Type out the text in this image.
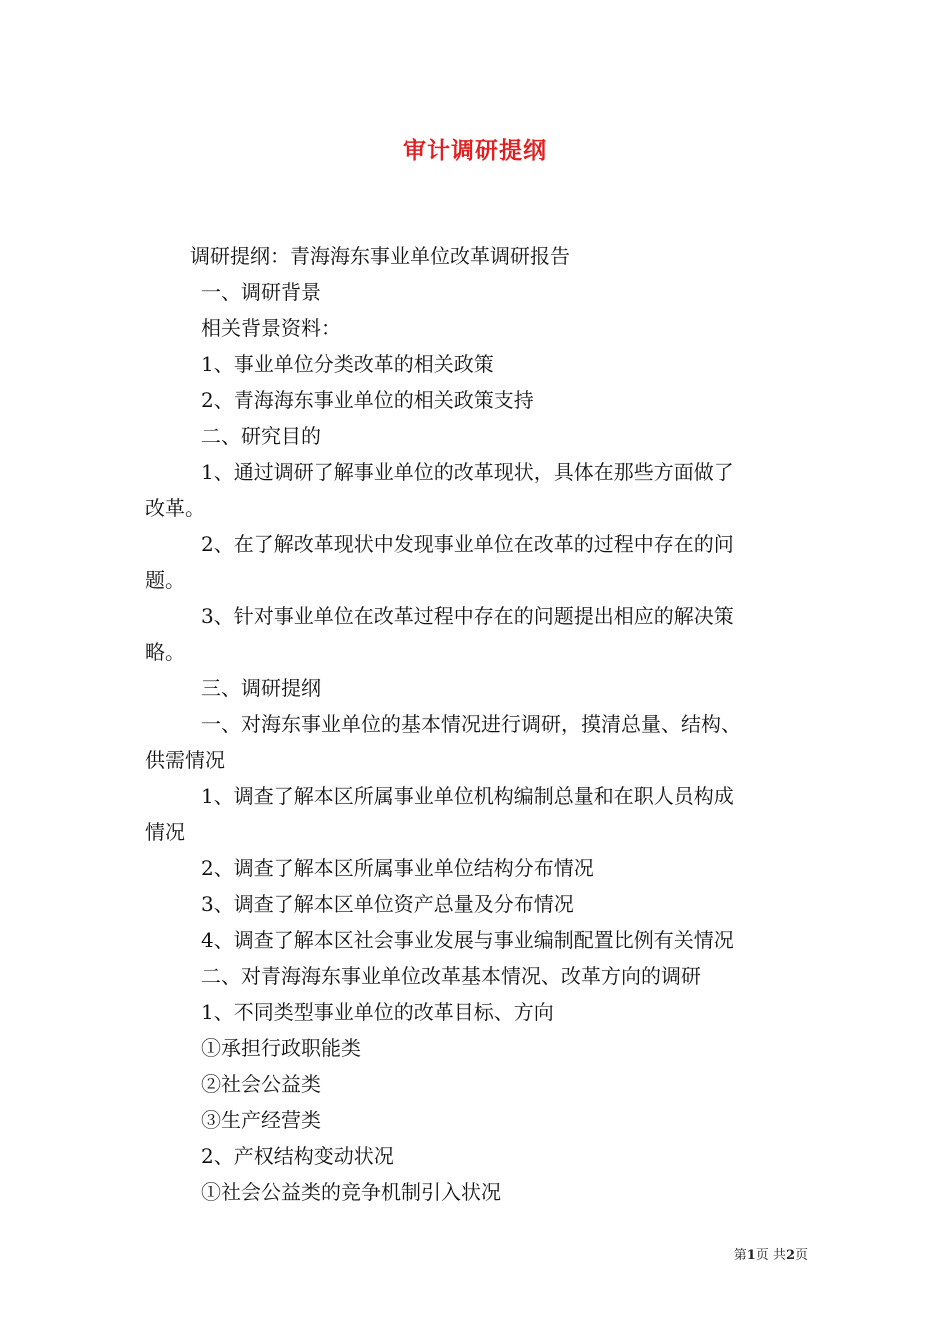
审计调研提纲
调研提纲：青海海东事业单位改革调研报告
一、调研背景
相关背景资料：
1、事业单位分类改革的相关政策
2、青海海东事业单位的相关政策支持
二、研究目的
1、通过调研了解事业单位的改革现状，具体在那些方面做了
改革。
2、在了解改革现状中发现事业单位在改革的过程中存在的问
题。
3、针对事业单位在改革过程中存在的问题提出相应的解决策
略。
三、调研提纲
一、对海东事业单位的基本情况进行调研，摸清总量、结构、
供需情况
1、调查了解本区所属事业单位机构编制总量和在职人员构成
情况
2、调查了解本区所属事业单位结构分布情况
3、调查了解本区单位资产总量及分布情况
4、调查了解本区社会事业发展与事业编制配置比例有关情况
二、对青海海东事业单位改革基本情况、改革方向的调研
1、不同类型事业单位的改革目标、方向
①承担行政职能类
②社会公益类
③生产经营类
2、产权结构变动状况
①社会公益类的竞争机制引入状况
第1页 共2页
